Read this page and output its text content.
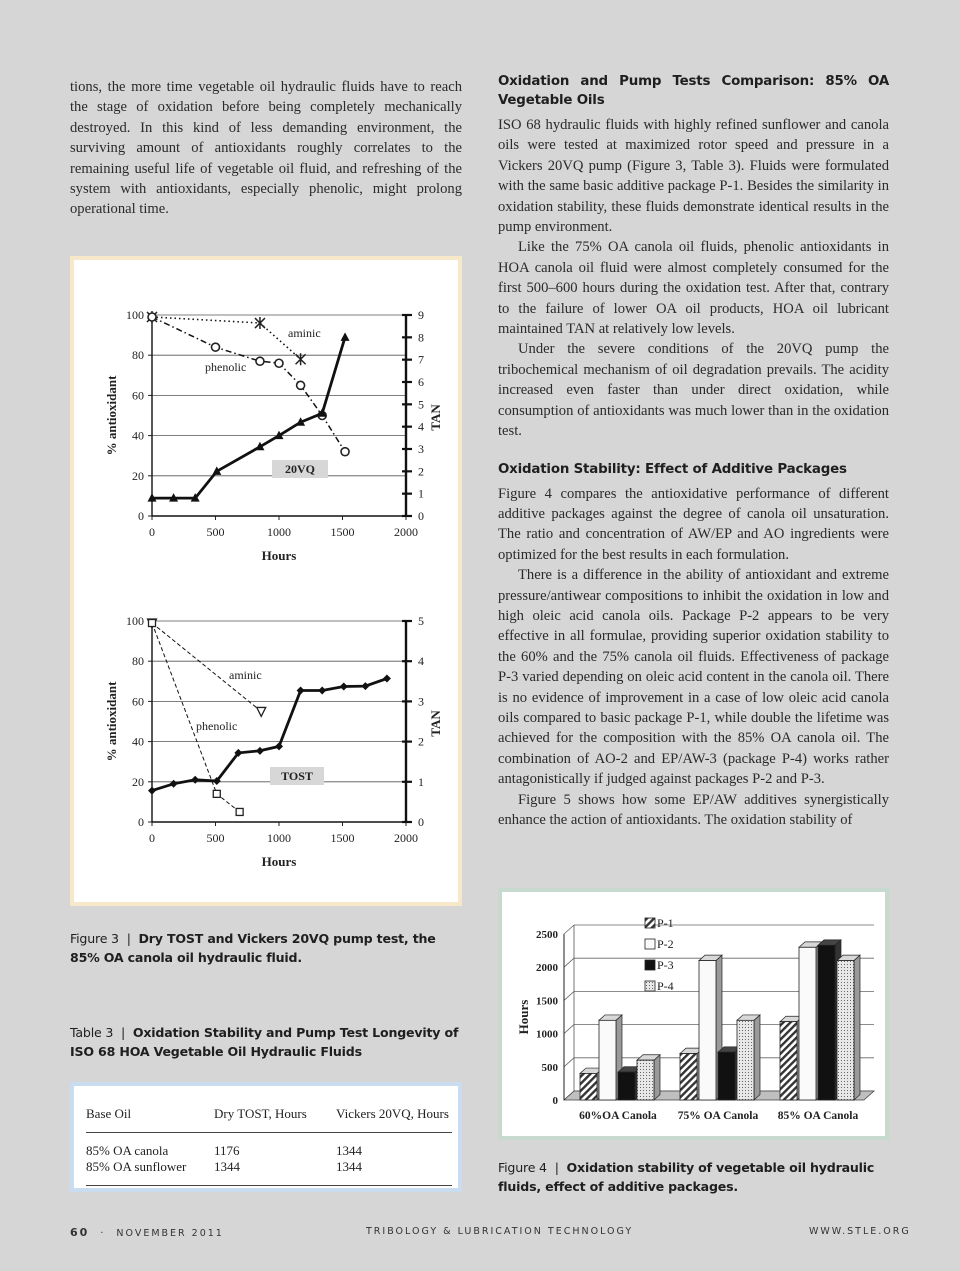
tions, the more time vegetable oil hydraulic fluids have to reach the stage of oxidation before being completely mechanically destroyed. In this kind of less demanding environment, the surviving amount of antioxidants roughly correlates to the remaining useful life of vegetable oil fluid, and refreshing of the system with antioxidants, especially phenolic, might prolong operational time.

Oxidation and Pump Tests Comparison: 85% OA Vegetable Oils

ISO 68 hydraulic fluids with highly refined sunflower and canola oils were tested at maximized rotor speed and pressure in a Vickers 20VQ pump (Figure 3, Table 3). Fluids were formulated with the same basic additive package P-1. Besides the similarity in oxidation stability, these fluids demonstrate identical results in the pump environment.

Like the 75% OA canola oil fluids, phenolic antioxidants in HOA canola oil fluid were almost completely consumed for the first 500–600 hours during the oxidation test. After that, contrary to the failure of lower OA oil products, HOA oil lubricant maintained TAN at relatively low levels.

Under the severe conditions of the 20VQ pump the tribochemical mechanism of oil degradation prevails. The acidity increased even faster than under direct oxidation, while consumption of antioxidants was much lower than in the oxidation test.

Oxidation Stability: Effect of Additive Packages

Figure 4 compares the antioxidative performance of different additive packages against the degree of canola oil unsaturation. The ratio and concentration of AW/EP and AO ingredients were optimized for the best results in each formulation.

There is a difference in the ability of antioxidant and extreme pressure/antiwear compositions to inhibit the oxidation in low and high oleic acid canola oils. Package P-2 appears to be very effective in all formulae, providing superior oxidation stability to the 60% and the 75% canola oil fluids. Effectiveness of package P-3 varied depending on oleic acid content in the canola oil. There is no evidence of improvement in a case of low oleic acid canola oils compared to basic package P-1, while double the lifetime was achieved for the composition with the 85% OA canola oil. The combination of AO-2 and EP/AW-3 (package P-4) works rather antagonistically if judged against packages P-2 and P-3.

Figure 5 shows how some EP/AW additives synergistically enhance the action of antioxidants. The oxidation stability of

0
20
40
60
80
100
0	500	1000	1500	2000
0
1
2
3
4
5
6
7
8
9
Hours
% antioxidant	TAN
20VQ
aminic
phenolic
0
20
40
60
80
100
0	500	1000	1500	2000
0
1
2
3
4
5
Hours
% antioxidant	TAN
TOST
aminic
phenolic
Figure 3 | Dry TOST and Vickers 20VQ pump test, the 85% OA canola oil hydraulic fluid.
Table 3 | Oxidation Stability and Pump Test Longevity of ISO 68 HOA Vegetable Oil Hydraulic Fluids
Base Oil	Dry TOST, Hours	Vickers 20VQ, Hours
85% OA canola	1176	1344
85% OA sunflower	1344	1344
0
500
1000
1500
2000
2500
Hours
60%OA Canola 75% OA Canola 85% OA Canola
P-1
P-2
P-3
P-4
Figure 4 | Oxidation stability of vegetable oil hydraulic fluids, effect of additive packages.
60 · NOVEMBER 2011	TRIBOLOGY & LUBRICATION TECHNOLOGY	WWW.STLE.ORG
